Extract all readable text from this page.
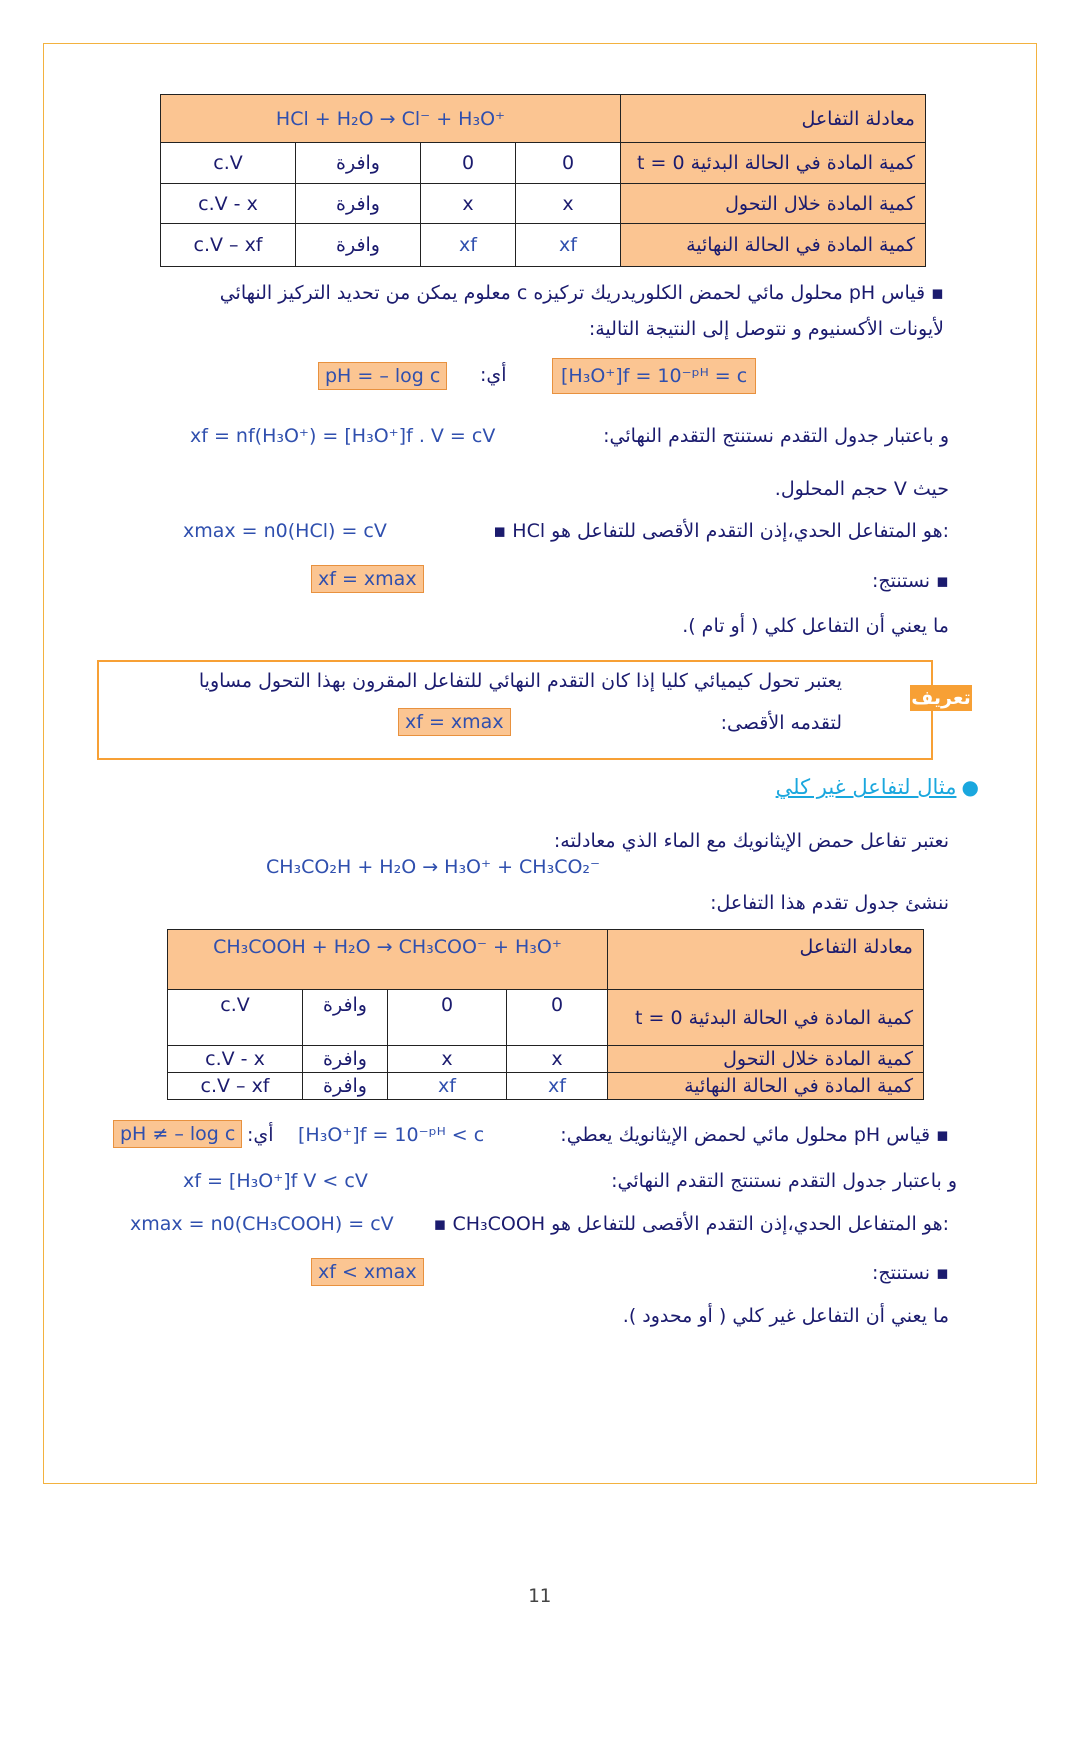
HCl + H₂O → Cl⁻ + H₃O⁺				معادلة التفاعل
c.V	وافرة	0	0	كمية المادة في الحالة البدئية t = 0
c.V - x	وافرة	x	x	كمية المادة خلال التحول
c.V – xf	وافرة	xf	xf	كمية المادة في الحالة النهائية
▪ قياس pH محلول مائي لحمض الكلوريدريك تركيزه c معلوم يمكن من تحديد التركيز النهائي
لأيونات الأكسنيوم و نتوصل إلى النتيجة التالية:
pH = – log c	أي:	[H₃O⁺]f = 10⁻ᵖᴴ = c
و باعتبار جدول التقدم نستنتج التقدم النهائي:
xf = nf(H₃O⁺) = [H₃O⁺]f . V = cV
حيث V حجم المحلول.
▪ HCl هو المتفاعل الحدي،إذن التقدم الأقصى للتفاعل هو:
xmax = n0(HCl) = cV
▪ نستنتج:
xf = xmax
ما يعني أن التفاعل كلي ( أو تام ).
تعريف
يعتبر تحول كيميائي كليا إذا كان التقدم النهائي للتفاعل المقرون بهذا التحول مساويا
لتقدمه الأقصى:
xf = xmax
● مثال لتفاعل غير كلي
نعتبر تفاعل حمض الإيثانويك مع الماء الذي معادلته:
CH₃CO₂H + H₂O → H₃O⁺ + CH₃CO₂⁻
ننشئ جدول تقدم هذا التفاعل:
CH₃COOH + H₂O → CH₃COO⁻ + H₃O⁺				معادلة التفاعل
c.V	وافرة	0	0	كمية المادة في الحالة البدئية t = 0
c.V - x	وافرة	x	x	كمية المادة خلال التحول
c.V – xf	وافرة	xf	xf	كمية المادة في الحالة النهائية
▪ قياس pH محلول مائي لحمض الإيثانويك يعطي:
[H₃O⁺]f = 10⁻ᵖᴴ < c
أي:
pH ≠ – log c
و باعتبار جدول التقدم نستنتج التقدم النهائي:
xf = [H₃O⁺]f V < cV
▪ CH₃COOH هو المتفاعل الحدي،إذن التقدم الأقصى للتفاعل هو:
xmax = n0(CH₃COOH) = cV
▪ نستنتج:
xf < xmax
ما يعني أن التفاعل غير كلي ( أو محدود ).
11
